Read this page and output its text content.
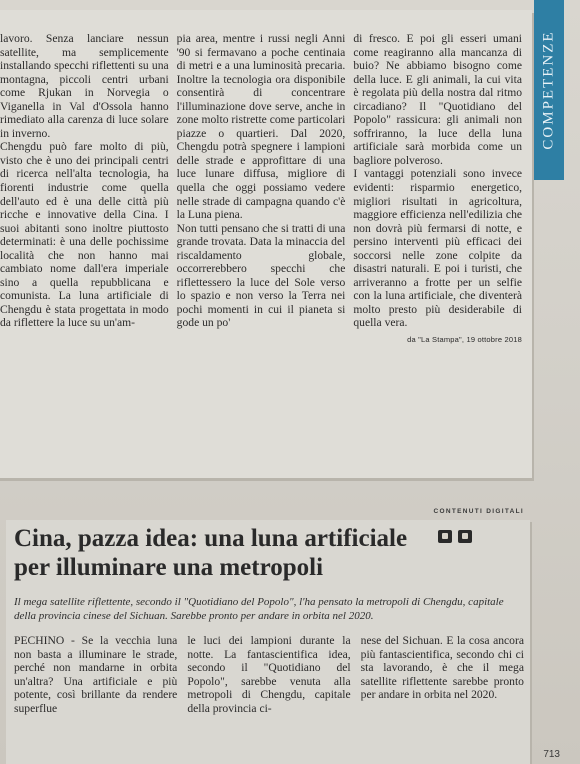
lavoro. Senza lanciare nessun satellite, ma semplicemente installando specchi riflettenti su una montagna, piccoli centri urbani come Rjukan in Norvegia o Viganella in Val d'Ossola hanno rimediato alla carenza di luce solare in inverno.

Chengdu può fare molto di più, visto che è uno dei principali centri di ricerca nell'alta tecnologia, ha fiorenti industrie come quella dell'auto ed è una delle città più ricche e innovative della Cina. I suoi abitanti sono inoltre piuttosto determinati: è una delle pochissime località che non hanno mai cambiato nome dall'era imperiale sino a quella repubblicana e comunista. La luna artificiale di Chengdu è stata progettata in modo da riflettere la luce su un'am-

pia area, mentre i russi negli Anni '90 si fermavano a poche centinaia di metri e a una luminosità precaria. Inoltre la tecnologia ora disponibile consentirà di concentrare l'illuminazione dove serve, anche in zone molto ristrette come particolari piazze o quartieri. Dal 2020, Chengdu potrà spegnere i lampioni delle strade e approfittare di una luce lunare diffusa, migliore di quella che oggi possiamo vedere nelle strade di campagna quando c'è la Luna piena.

Non tutti pensano che si tratti di una grande trovata. Data la minaccia del riscaldamento globale, occorrerebbero specchi che riflettessero la luce del Sole verso lo spazio e non verso la Terra nei pochi momenti in cui il pianeta si gode un po'

di fresco. E poi gli esseri umani come reagiranno alla mancanza di buio? Ne abbiamo bisogno come della luce. E gli animali, la cui vita è regolata più della nostra dal ritmo circadiano? Il "Quotidiano del Popolo" rassicura: gli animali non soffriranno, la luce della luna artificiale sarà morbida come un bagliore polveroso.

I vantaggi potenziali sono invece evidenti: risparmio energetico, migliori risultati in agricoltura, maggiore efficienza nell'edilizia che non dovrà più fermarsi di notte, e persino interventi più efficaci dei soccorsi nelle zone colpite da disastri naturali. E poi i turisti, che arriveranno a frotte per un selfie con la luna artificiale, che diventerà molto presto più desiderabile di quella vera.

da "La Stampa", 19 ottobre 2018
COMPETENZE
CONTENUTI DIGITALI
Cina, pazza idea: una luna artificiale per illuminare una metropoli
Il mega satellite riflettente, secondo il "Quotidiano del Popolo", l'ha pensato la metropoli di Chengdu, capitale della provincia cinese del Sichuan. Sarebbe pronto per andare in orbita nel 2020.
PECHINO - Se la vecchia luna non basta a illuminare le strade, perché non mandarne in orbita un'altra? Una artificiale e più potente, così brillante da rendere superflue
le luci dei lampioni durante la notte. La fantascientifica idea, secondo il "Quotidiano del Popolo", sarebbe venuta alla metropoli di Chengdu, capitale della provincia ci-
nese del Sichuan. E la cosa ancora più fantascientifica, secondo chi ci sta lavorando, è che il mega satellite riflettente sarebbe pronto per andare in orbita nel 2020.
713
